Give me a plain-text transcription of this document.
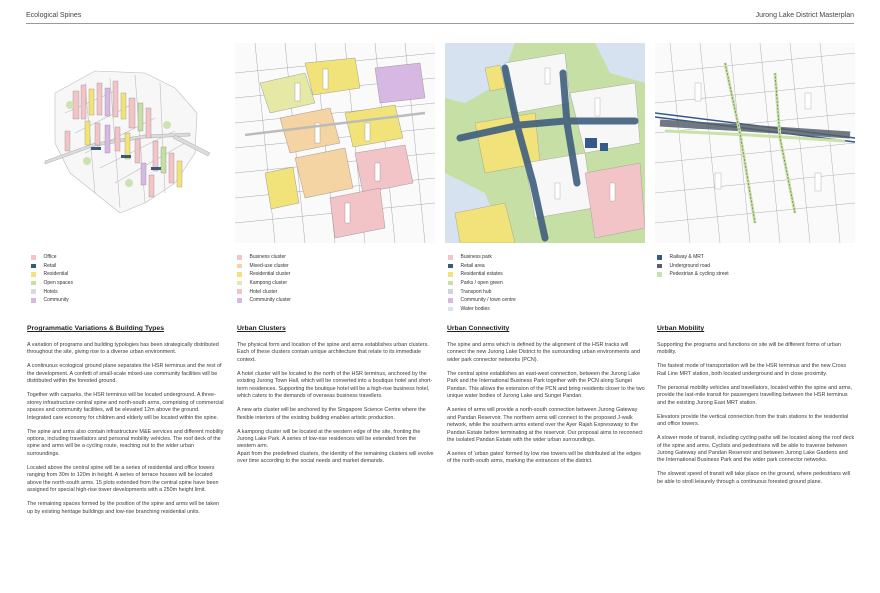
Ecological Spines	Jurong Lake District Masterplan
Office
Retail
Residential
Open spaces
Hotels
Community
Business cluster
Mixed-use cluster
Residential cluster
Kampong cluster
Hotel cluster
Community cluster
Business park
Retail area
Residential estates
Parks / open green
Transport hub
Community / town centre
Water bodies
Railway & MRT
Underground road
Pedestrian & cycling street
Programmatic Variations & Building Types

A variation of programs and building typologies has been strategically distributed throughout the site, giving rise to a diverse urban environment.

A continuous ecological ground plane separates the HSR terminus and the rest of the development. A confetti of small-scale mixed-use community facilities will be distributed within the forested ground.

Together with carparks, the HSR terminus will be located underground. A three-storey infrastructure central spine and north-south arms, comprising of commercial spaces and community facilities, will be elevated 12m above the ground. Integrated care economy for children and elderly will be located within the spine.

The spine and arms also contain infrastructure M&E services and different mobility options, including travellators and personal mobility vehicles. The roof deck of the spine and arms will be a cycling route, reaching out to the wider urban surroundings.

Located above the central spine will be a series of residential and office towers ranging from 30m to 120m in height. A series of terrace houses will be located above the north-south arms. 15 plots extended from the central spine have been assigned for special high-rise tower developments with a 250m height limit.

The remaining spaces formed by the position of the spine and arms will be taken up by existing heritage buildings and low-rise branching residential units.

Urban Clusters

The physical form and location of the spine and arms establishes urban clusters. Each of these clusters contain unique architecture that relate to its immediate context.

A hotel cluster will be located to the north of the HSR terminus, anchored by the existing Jurong Town Hall, which will be converted into a boutique hotel and short-term residences. Supporting the boutique hotel will be a high-rise business hotel, which caters to the demands of overseas business travellers.

A new arts cluster will be anchored by the Singapore Science Centre where the flexible interiors of the existing building enables artistic production.

A kampong cluster will be located at the western edge of the site, fronting the Jurong Lake Park. A series of low-rise residences will be extended from the western arm.
Apart from the predefined clusters, the identity of the remaining clusters will evolve over time according to the social needs and market demands.

Urban Connectivity

The spine and arms which is defined by the alignment of the HSR tracks will connect the new Jurong Lake District to the surrounding urban environments and wider park connector networks (PCN).

The central spine establishes an east-west connection, between the Jurong Lake Park and the International Business Park together with the PCN along Sungei Pandan. This allows the extension of the PCN and bring residents closer to the two unique water bodies of Jurong Lake and Sungei Pandan.

A series of arms will provide a north-south connection between Jurong Gateway and Pandan Reservoir. The northern arms will connect to the proposed J-walk network, while the southern arms extend over the Ayer Rajah Expressway to the Pandan Estate before terminating at the reservoir. Our proposal aims to reconnect the isolated Pandan Estate with the wider urban surroundings.

A series of 'urban gates' formed by low rise towers will be distributed at the edges of the north-south arms, marking the entrances of the district.

Urban Mobility

Supporting the programs and functions on site will be different forms of urban mobility.

The fastest mode of transportation will be the HSR terminus and the new Cross Rail Line MRT station, both located underground and in close proximity.

The personal mobility vehicles and travellators, located within the spine and arms, provide the last-mile transit for passengers travelling between the HSR terminus and the existing Jurong East MRT station.

Elevators provide the vertical connection from the train stations to the residential and office towers.

A slower mode of transit, including cycling paths will be located along the roof deck of the spine and arms. Cyclists and pedestrians will be able to traverse between Jurong Gateway and Pandan Reservoir and between Jurong Lake Gardens and the International Business Park and the wider park connector networks.

The slowest speed of transit will take place on the ground, where pedestrians will be able to stroll leisurely through a continuous forested ground plane.
